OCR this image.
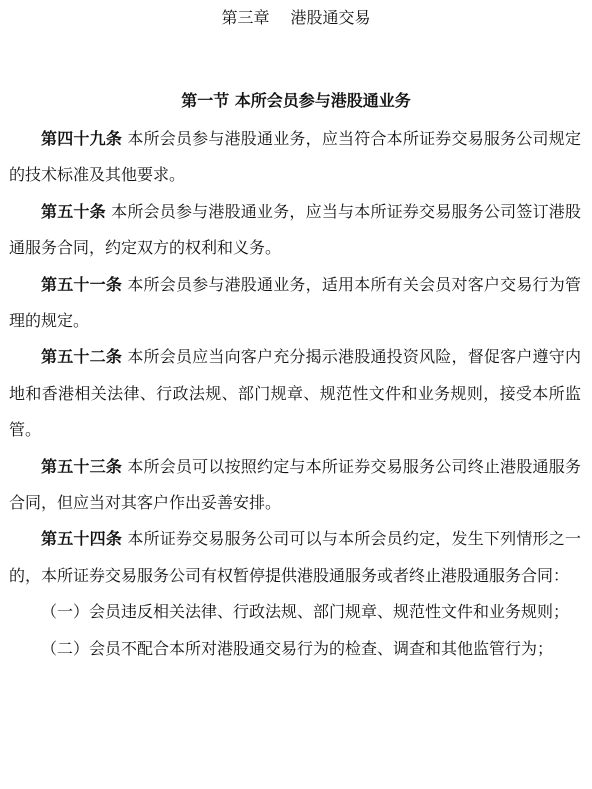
第三章　 港股通交易
第一节 本所会员参与港股通业务

第四十九条 本所会员参与港股通业务，应当符合本所证券交易服务公司规定的技术标准及其他要求。

第五十条 本所会员参与港股通业务，应当与本所证券交易服务公司签订港股通服务合同，约定双方的权利和义务。

第五十一条 本所会员参与港股通业务，适用本所有关会员对客户交易行为管理的规定。

第五十二条 本所会员应当向客户充分揭示港股通投资风险，督促客户遵守内地和香港相关法律、行政法规、部门规章、规范性文件和业务规则，接受本所监管。

第五十三条 本所会员可以按照约定与本所证券交易服务公司终止港股通服务合同，但应当对其客户作出妥善安排。

第五十四条 本所证券交易服务公司可以与本所会员约定，发生下列情形之一的，本所证券交易服务公司有权暂停提供港股通服务或者终止港股通服务合同：

（一）会员违反相关法律、行政法规、部门规章、规范性文件和业务规则；

（二）会员不配合本所对港股通交易行为的检查、调查和其他监管行为；
